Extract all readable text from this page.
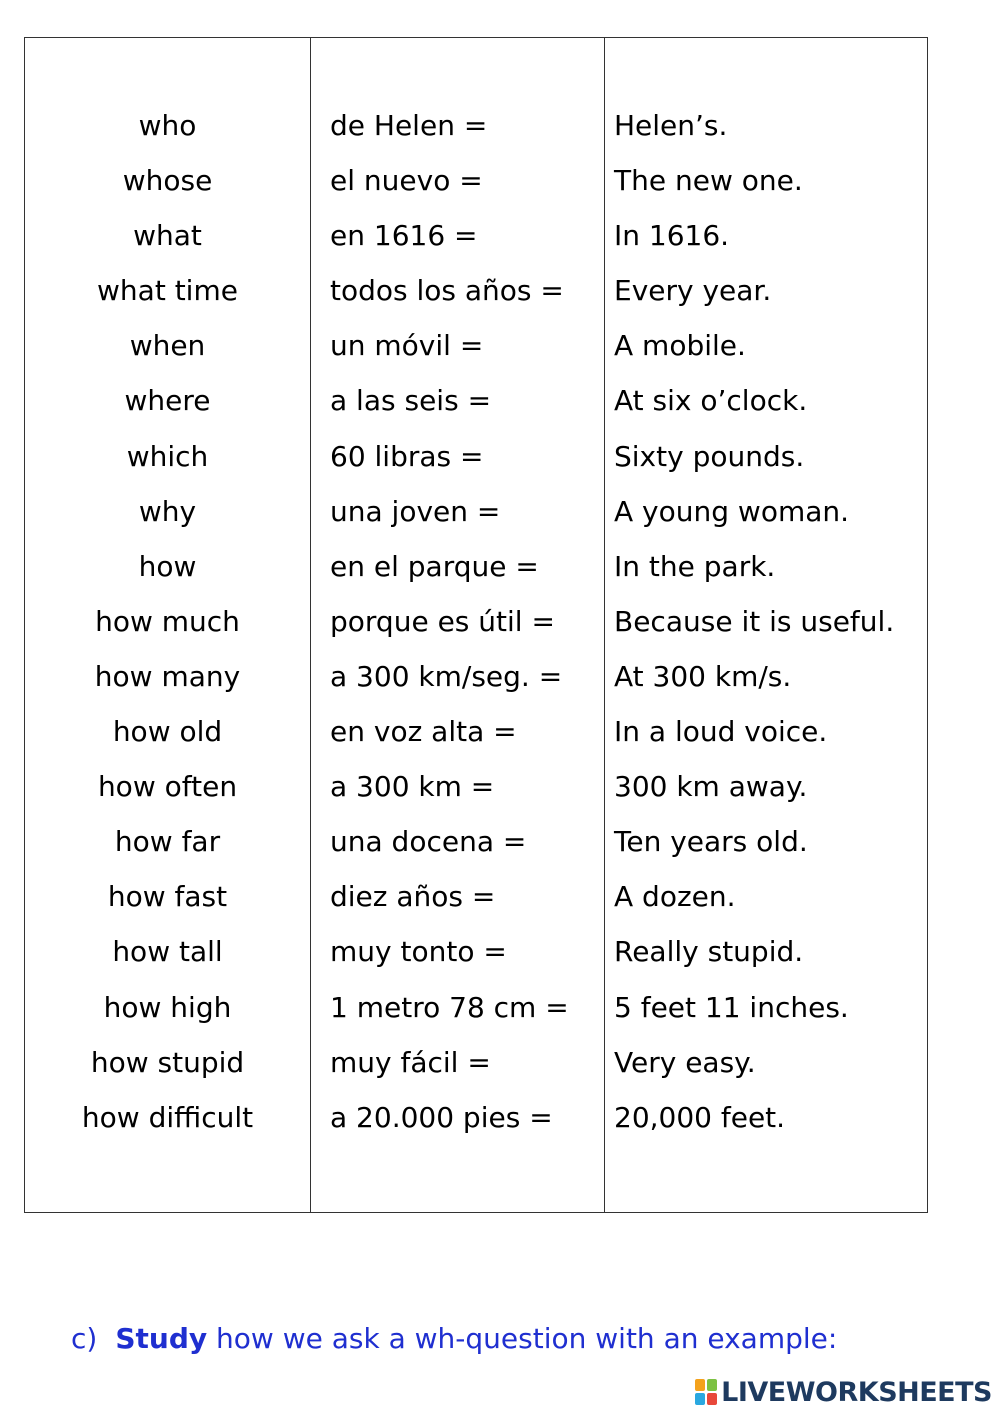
who
whose
what
what time
when
where
which
why
how
how much
how many
how old
how often
how far
how fast
how tall
how high
how stupid
how difficult
de Helen =
el nuevo =
en 1616 =
todos los años =
un móvil =
a las seis =
60 libras =
una joven =
en el parque =
porque es útil =
a 300 km/seg. =
en voz alta =
a 300 km =
una docena =
diez años =
muy tonto =
1 metro 78 cm =
muy fácil =
a 20.000 pies =
Helen’s.
The new one.
In 1616.
Every year.
A mobile.
At six o’clock.
Sixty pounds.
A young woman.
In the park.
Because it is useful.
At 300 km/s.
In a loud voice.
300 km away.
Ten years old.
A dozen.
Really stupid.
5 feet 11 inches.
Very easy.
20,000 feet.
c) Study how we ask a wh-question with an example:
LIVEWORKSHEETS
